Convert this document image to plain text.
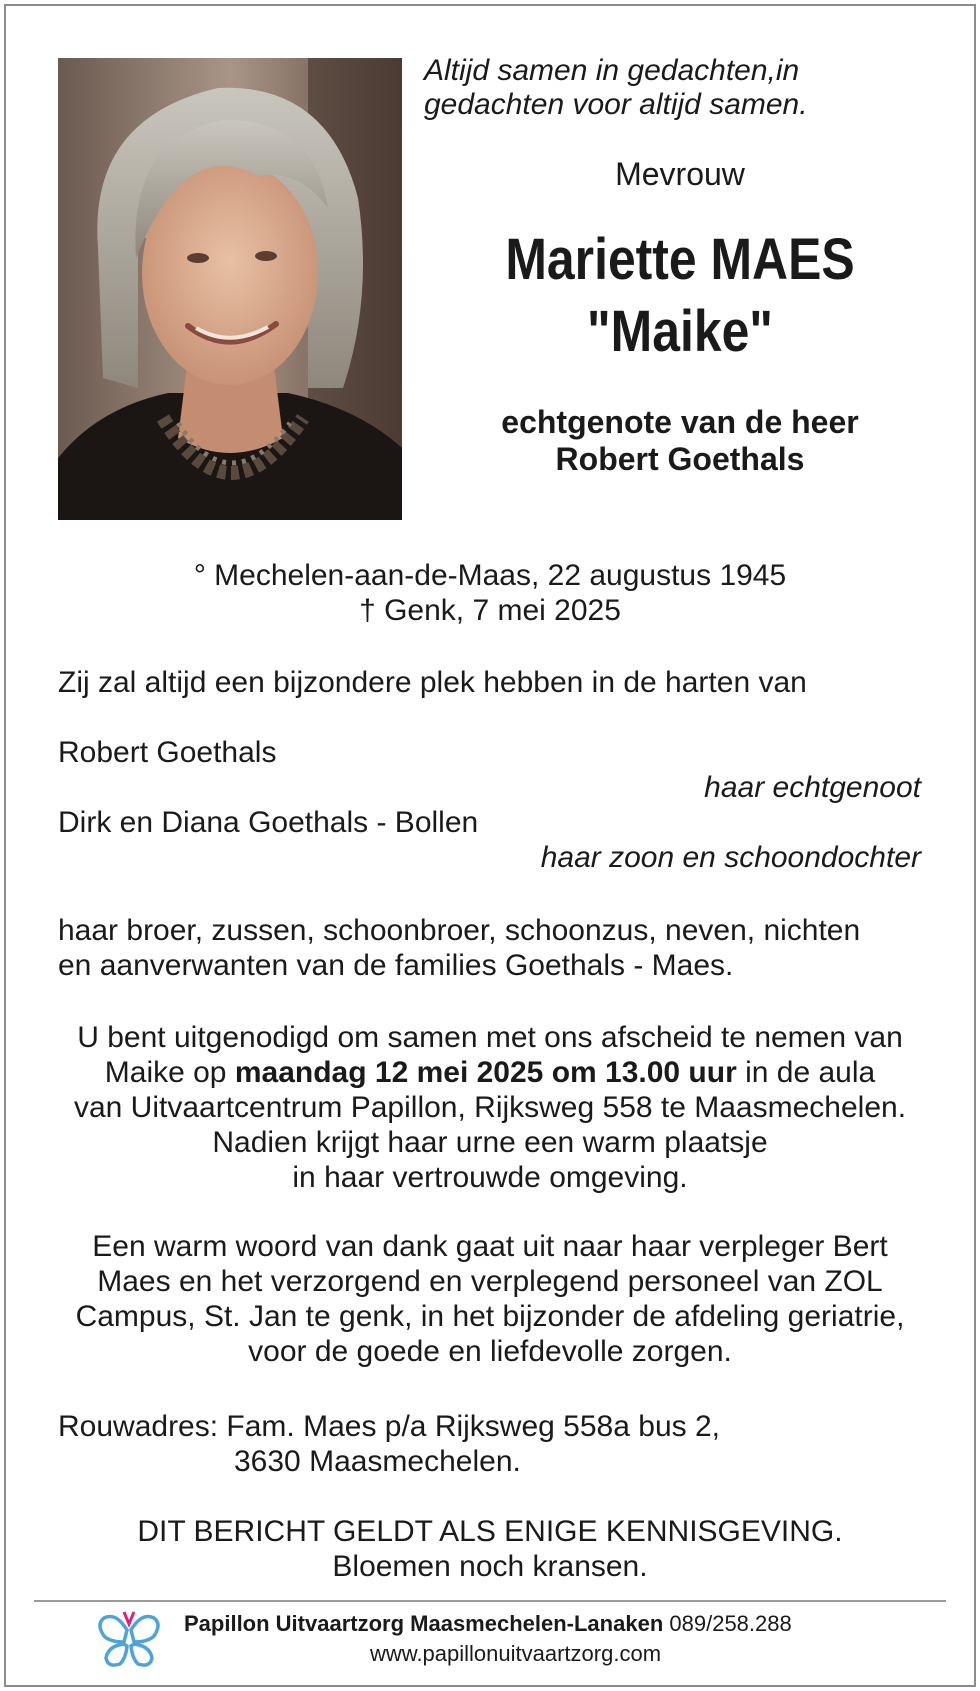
Altijd samen in gedachten,in
gedachten voor altijd samen.
Mevrouw
Mariette MAES
"Maike"
echtgenote van de heer
Robert Goethals
° Mechelen-aan-de-Maas, 22 augustus 1945
† Genk, 7 mei 2025
Zij zal altijd een bijzondere plek hebben in de harten van
Robert Goethals
haar echtgenoot
Dirk en Diana Goethals - Bollen
haar zoon en schoondochter
haar broer, zussen, schoonbroer, schoonzus, neven, nichten
en aanverwanten van de families Goethals - Maes.
U bent uitgenodigd om samen met ons afscheid te nemen van
Maike op maandag 12 mei 2025 om 13.00 uur in de aula
van Uitvaartcentrum Papillon, Rijksweg 558 te Maasmechelen.
Nadien krijgt haar urne een warm plaatsje
in haar vertrouwde omgeving.
Een warm woord van dank gaat uit naar haar verpleger Bert
Maes en het verzorgend en verplegend personeel van ZOL
Campus, St. Jan te genk, in het bijzonder de afdeling geriatrie,
voor de goede en liefdevolle zorgen.
Rouwadres: Fam. Maes p/a Rijksweg 558a bus 2,
3630 Maasmechelen.
DIT BERICHT GELDT ALS ENIGE KENNISGEVING.
Bloemen noch kransen.
Papillon Uitvaartzorg Maasmechelen-Lanaken 089/258.288
www.papillonuitvaartzorg.com
